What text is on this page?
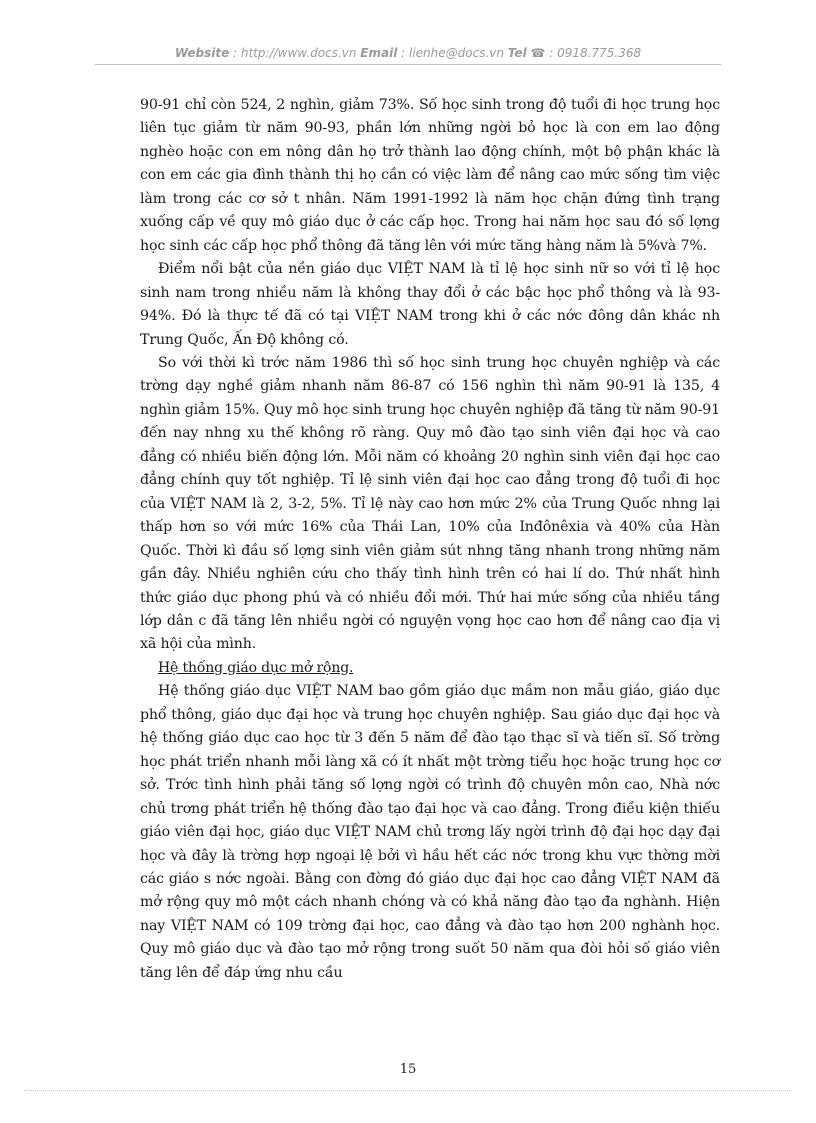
Website : http://www.docs.vn Email : lienhe@docs.vn Tel ☎ : 0918.775.368

90-91 chỉ còn 524, 2 nghìn, giảm 73%. Số học sinh trong độ tuổi đi học trung học liên tục giảm từ năm 90-93, phần lớn những ngời bỏ học là con em lao động nghèo hoặc con em nông dân họ trở thành lao động chính, một bộ phận khác là con em các gia đình thành thị họ cần có việc làm để nâng cao mức sống tìm việc làm trong các cơ sở t nhân. Năm 1991-1992 là năm học chặn đứng tình trạng xuống cấp về quy mô giáo dục ở các cấp học. Trong hai năm học sau đó số lợng học sinh các cấp học phổ thông đã tăng lên với mức tăng hàng năm là 5%và 7%.

Điểm nổi bật của nền giáo dục VIỆT NAM là tỉ lệ học sinh nữ so với tỉ lệ học sinh nam trong nhiều năm là không thay đổi ở các bậc học phổ thông và là 93-94%. Đó là thực tế đã có tại VIỆT NAM trong khi ở các nớc đông dân khác nh Trung Quốc, Ấn Độ không có.

So với thời kì trớc năm 1986 thì số học sinh trung học chuyên nghiệp và các trờng dạy nghề giảm nhanh năm 86-87 có 156 nghìn thì năm 90-91 là 135, 4 nghìn giảm 15%. Quy mô học sinh trung học chuyên nghiệp đã tăng từ năm 90-91 đến nay nhng xu thế không rõ ràng. Quy mô đào tạo sinh viên đại học và cao đẳng có nhiều biến động lớn. Mỗi năm có khoảng 20 nghìn sinh viên đại học cao đẳng chính quy tốt nghiệp. Tỉ lệ sinh viên đại học cao đẳng trong độ tuổi đi học của VIỆT NAM là 2, 3-2, 5%. Tỉ lệ này cao hơn mức 2% của Trung Quốc nhng lại thấp hơn so với mức 16% của Thái Lan, 10% của Inđônêxia và 40% của Hàn Quốc. Thời kì đầu số lợng sinh viên giảm sút nhng tăng nhanh trong những năm gần đây. Nhiều nghiên cứu cho thấy tình hình trên có hai lí do. Thứ nhất hình thức giáo dục phong phú và có nhiều đổi mới. Thứ hai mức sống của nhiều tầng lớp dân c đã tăng lên nhiều ngời có nguyện vọng học cao hơn để nâng cao địa vị xã hội của mình.

Hệ thống giáo dục mở rộng.

Hệ thống giáo dục VIỆT NAM bao gồm giáo dục mầm non mẫu giáo, giáo dục phổ thông, giáo dục đại học và trung học chuyên nghiệp. Sau giáo dục đại học và hệ thống giáo dục cao học từ 3 đến 5 năm để đào tạo thạc sĩ và tiến sĩ. Số trờng học phát triển nhanh mỗi làng xã có ít nhất một trờng tiểu học hoặc trung học cơ sở. Trớc tình hình phải tăng số lợng ngời có trình độ chuyên môn cao, Nhà nớc chủ trơng phát triển hệ thống đào tạo đại học và cao đẳng. Trong điều kiện thiếu giáo viên đại học, giáo dục VIỆT NAM chủ trơng lấy ngời trình độ đại học dạy đại học và đây là trờng hợp ngoại lệ bởi vì hầu hết các nớc trong khu vực thờng mời các giáo s nớc ngoài. Bằng con đờng đó giáo dục đại học cao đẳng VIỆT NAM đã mở rộng quy mô một cách nhanh chóng và có khả năng đào tạo đa nghành. Hiện nay VIỆT NAM có 109 trờng đại học, cao đẳng và đào tạo hơn 200 nghành học. Quy mô giáo dục và đào tạo mở rộng trong suốt 50 năm qua đòi hỏi số giáo viên tăng lên để đáp ứng nhu cầu

15
